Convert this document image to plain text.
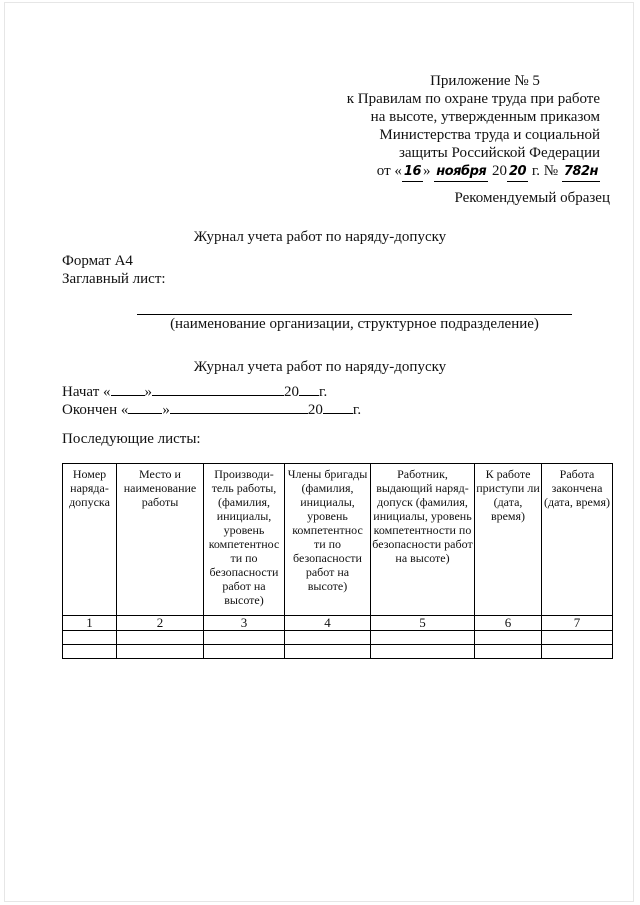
Приложение № 5
к Правилам по охране труда при работе
на высоте, утвержденным приказом
Министерства труда и социальной
защиты Российской Федерации
от « 16 » ноября 20 20 г. № 782н
Рекомендуемый образец
Журнал учета работ по наряду-допуску
Формат А4
Заглавный лист:
(наименование организации, структурное подразделение)
Журнал учета работ по наряду-допуску
Начат « »	20 г.
Окончен « »	20 г.
Последующие листы:
Номер наряда-допуска	Место и наименование работы	Производи-тель работы, (фамилия, инициалы, уровень компетентнос ти по безопасности работ на высоте)	Члены бригады (фамилия, инициалы, уровень компетентнос ти по безопасности работ на высоте)	Работник, выдающий наряд-допуск (фамилия, инициалы, уровень компетентности по безопасности работ на высоте)	К работе приступи ли (дата, время)	Работа закончена (дата, время)
1	2	3	4	5	6	7
